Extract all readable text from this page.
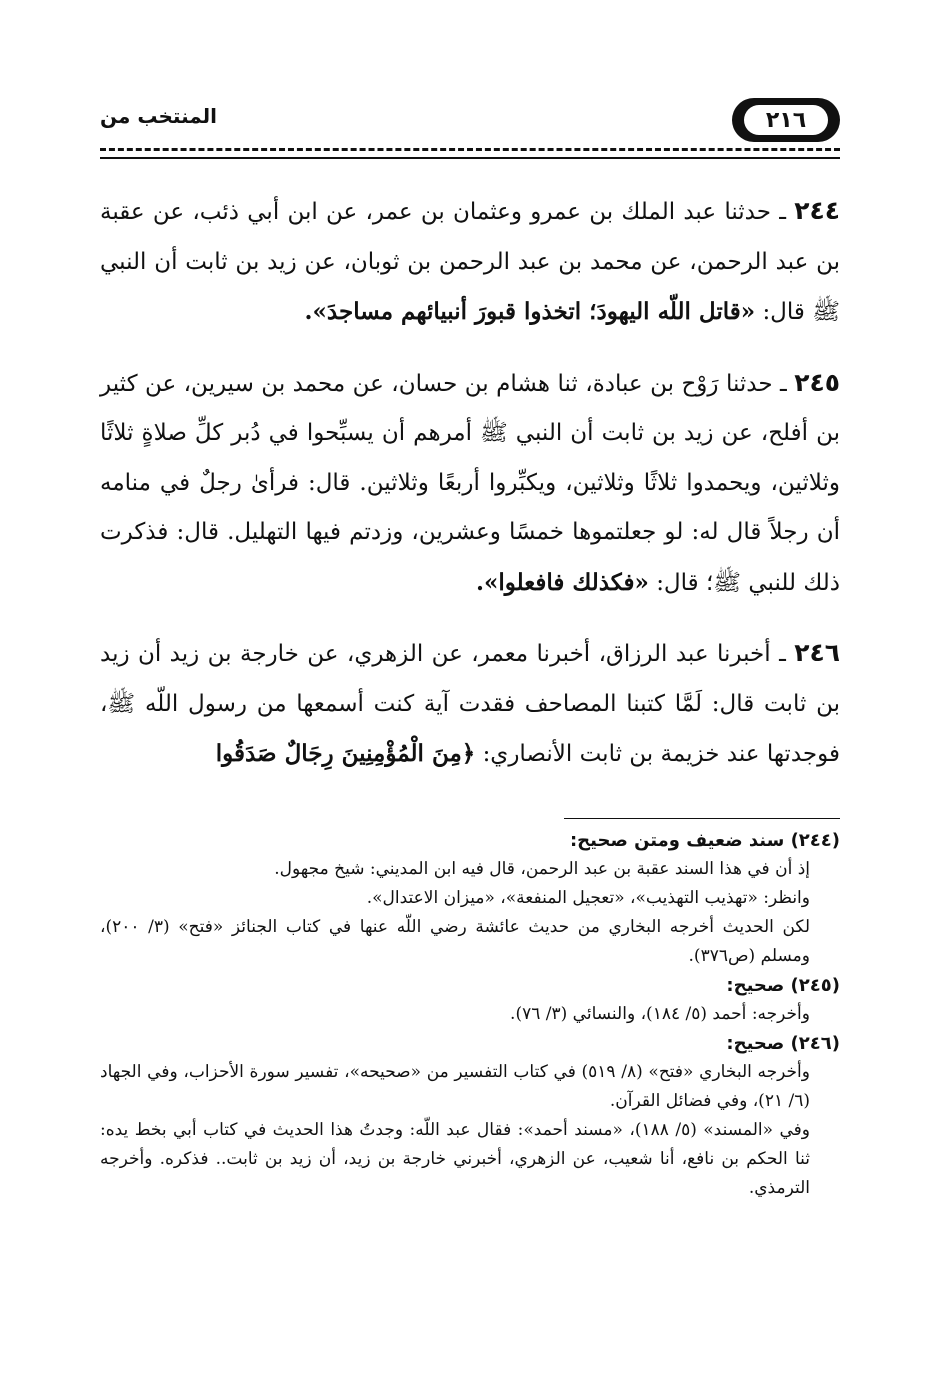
٢١٦
المنتخب من

٢٤٤ ـ حدثنا عبد الملك بن عمرو وعثمان بن عمر، عن ابن أبي ذئب، عن عقبة بن عبد الرحمن، عن محمد بن عبد الرحمن بن ثوبان، عن زيد بن ثابت أن النبي ﷺ قال: «قاتل اللّه اليهودَ؛ اتخذوا قبورَ أنبيائهم مساجدَ».

٢٤٥ ـ حدثنا رَوْح بن عبادة، ثنا هشام بن حسان، عن محمد بن سيرين، عن كثير بن أفلح، عن زيد بن ثابت أن النبي ﷺ أمرهم أن يسبِّحوا في دُبر كلِّ صلاةٍ ثلاثًا وثلاثين، ويحمدوا ثلاثًا وثلاثين، ويكبِّروا أربعًا وثلاثين. قال: فرأىٰ رجلٌ في منامه أن رجلاً قال له: لو جعلتموها خمسًا وعشرين، وزدتم فيها التهليل. قال: فذكرت ذلك للنبي ﷺ؛ قال: «فكذلك فافعلوا».

٢٤٦ ـ أخبرنا عبد الرزاق، أخبرنا معمر، عن الزهري، عن خارجة بن زيد أن زيد بن ثابت قال: لَمَّا كتبنا المصاحف فقدت آية كنت أسمعها من رسول اللّه ﷺ، فوجدتها عند خزيمة بن ثابت الأنصاري: ﴿مِنَ الْمُؤْمِنِينَ رِجَالٌ صَدَقُوا

(٢٤٤) سند ضعيف ومتن صحيح:
إذ أن في هذا السند عقبة بن عبد الرحمن، قال فيه ابن المديني: شيخ مجهول.
وانظر: «تهذيب التهذيب»، «تعجيل المنفعة»، «ميزان الاعتدال».
لكن الحديث أخرجه البخاري من حديث عائشة رضي اللّه عنها في كتاب الجنائز «فتح» (٣/ ٢٠٠)، ومسلم (ص٣٧٦).
(٢٤٥) صحيح:
وأخرجه: أحمد (٥/ ١٨٤)، والنسائي (٣/ ٧٦).
(٢٤٦) صحيح:
وأخرجه البخاري «فتح» (٨/ ٥١٩) في كتاب التفسير من «صحيحه»، تفسير سورة الأحزاب، وفي الجهاد (٦/ ٢١)، وفي فضائل القرآن.
وفي «المسند» (٥/ ١٨٨)، «مسند أحمد»: فقال عبد اللّه: وجدتُ هذا الحديث في كتاب أبي بخط يده: ثنا الحكم بن نافع، أنا شعيب، عن الزهري، أخبرني خارجة بن زيد، أن زيد بن ثابت.. فذكره. وأخرجه الترمذي.
